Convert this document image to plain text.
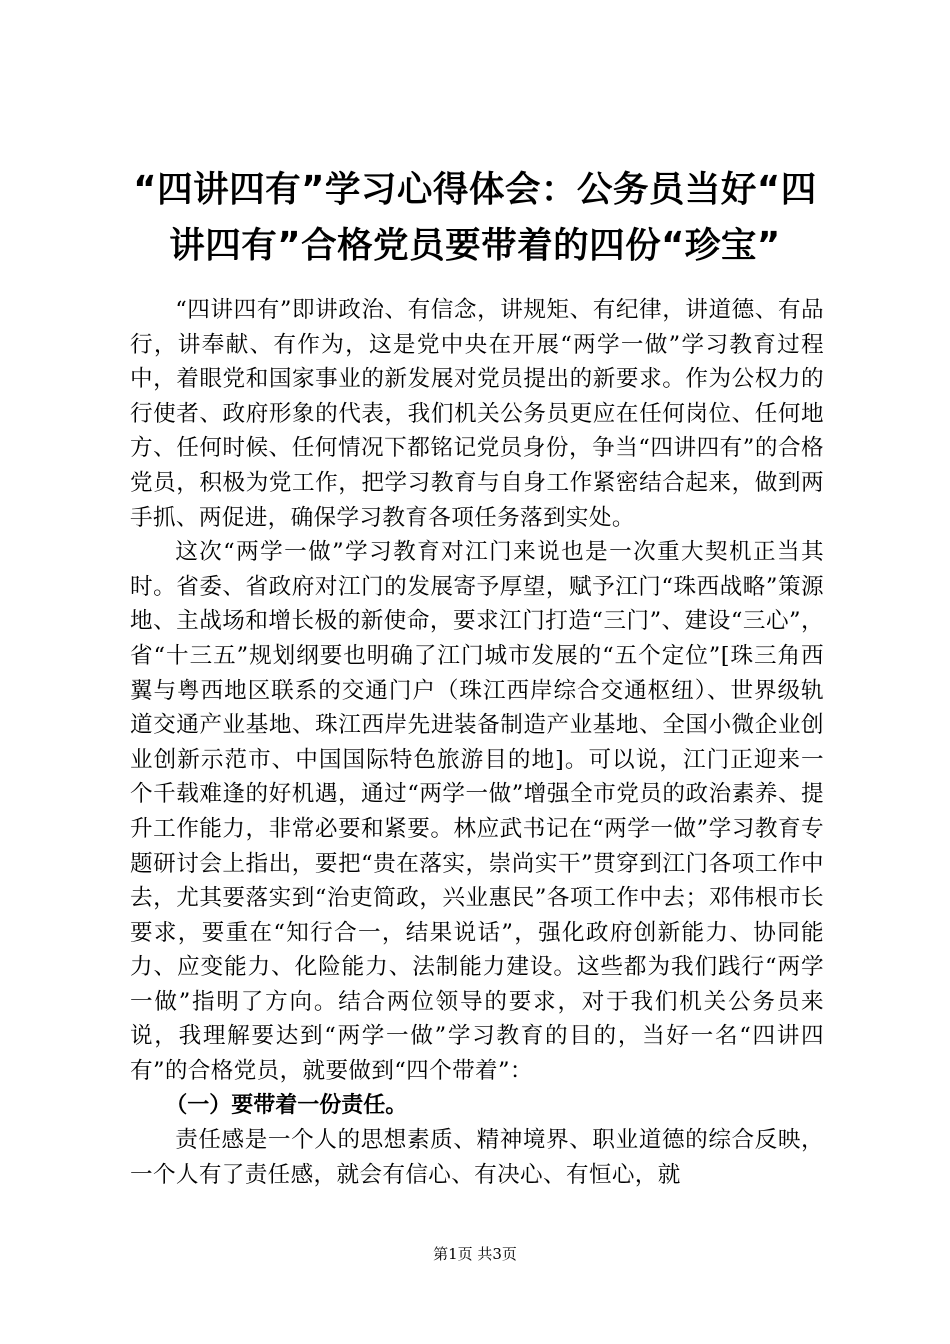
“四讲四有”学习心得体会：公务员当好“四讲四有”合格党员要带着的四份“珍宝”

“四讲四有”即讲政治、有信念，讲规矩、有纪律，讲道德、有品行，讲奉献、有作为，这是党中央在开展“两学一做”学习教育过程中，着眼党和国家事业的新发展对党员提出的新要求。作为公权力的行使者、政府形象的代表，我们机关公务员更应在任何岗位、任何地方、任何时候、任何情况下都铭记党员身份，争当“四讲四有”的合格党员，积极为党工作，把学习教育与自身工作紧密结合起来，做到两手抓、两促进，确保学习教育各项任务落到实处。

这次“两学一做”学习教育对江门来说也是一次重大契机正当其时。省委、省政府对江门的发展寄予厚望，赋予江门“珠西战略”策源地、主战场和增长极的新使命，要求江门打造“三门”、建设“三心”，省“十三五”规划纲要也明确了江门城市发展的“五个定位”[珠三角西翼与粤西地区联系的交通门户（珠江西岸综合交通枢纽）、世界级轨道交通产业基地、珠江西岸先进装备制造产业基地、全国小微企业创业创新示范市、中国国际特色旅游目的地]。可以说，江门正迎来一个千载难逢的好机遇，通过“两学一做”增强全市党员的政治素养、提升工作能力，非常必要和紧要。林应武书记在“两学一做”学习教育专题研讨会上指出，要把“贵在落实，崇尚实干”贯穿到江门各项工作中去，尤其要落实到“治吏简政，兴业惠民”各项工作中去；邓伟根市长要求，要重在“知行合一，结果说话”，强化政府创新能力、协同能力、应变能力、化险能力、法制能力建设。这些都为我们践行“两学一做”指明了方向。结合两位领导的要求，对于我们机关公务员来说，我理解要达到“两学一做”学习教育的目的，当好一名“四讲四有”的合格党员，就要做到“四个带着”：

（一）要带着一份责任。

责任感是一个人的思想素质、精神境界、职业道德的综合反映，一个人有了责任感，就会有信心、有决心、有恒心，就

第1页 共3页
